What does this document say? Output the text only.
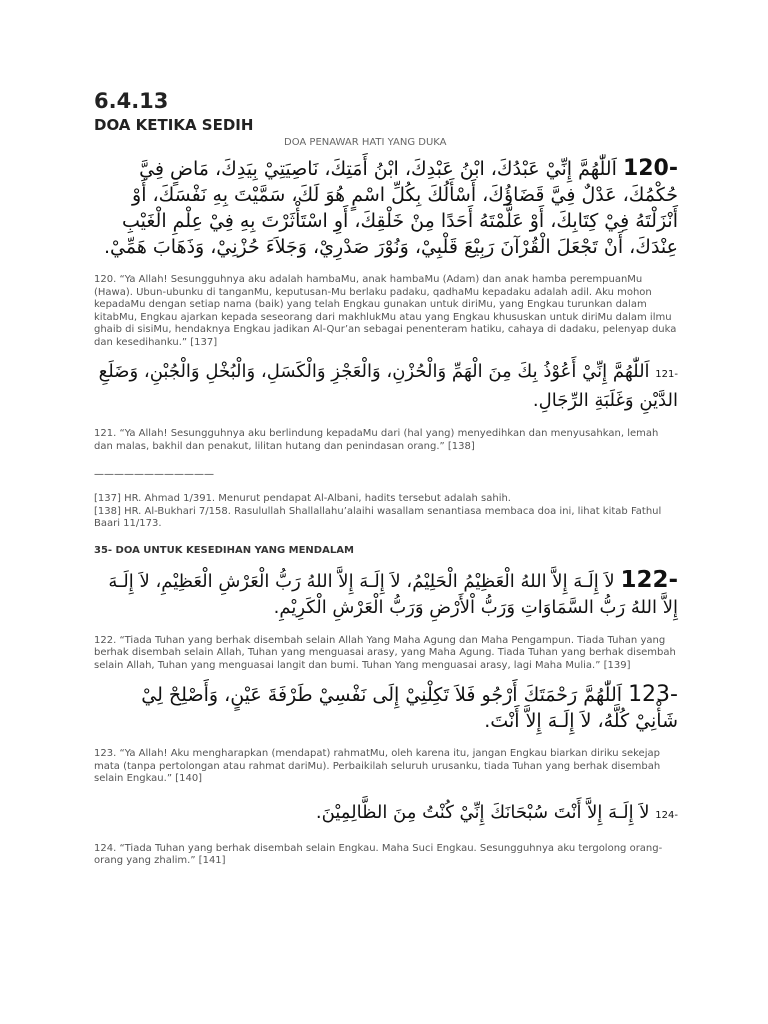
6.4.13
DOA KETIKA SEDIH
DOA PENAWAR HATI YANG DUKA
120- اَللّٰهُمَّ إِنِّيْ عَبْدُكَ، ابْنُ عَبْدِكَ، ابْنُ أَمَتِكَ، نَاصِيَتِيْ بِيَدِكَ، مَاضٍ فِيَّ حُكْمُكَ، عَدْلٌ فِيَّ قَضَاؤُكَ، أَسْأَلُكَ بِكُلِّ اسْمٍ هُوَ لَكَ، سَمَّيْتَ بِهِ نَفْسَكَ، أَوْ أَنْزَلْتَهُ فِيْ كِتَابِكَ، أَوْ عَلَّمْتَهُ أَحَدًا مِنْ خَلْقِكَ، أَوِ اسْتَأْثَرْتَ بِهِ فِيْ عِلْمِ الْغَيْبِ عِنْدَكَ، أَنْ تَجْعَلَ الْقُرْآنَ رَبِيْعَ قَلْبِيْ، وَنُوْرَ صَدْرِيْ، وَجَلاَءَ حُزْنِيْ، وَذَهَابَ هَمِّيْ.

120. “Ya Allah! Sesungguhnya aku adalah hambaMu, anak hambaMu (Adam) dan anak hamba perempuanMu (Hawa). Ubun-ubunku di tanganMu, keputusan-Mu berlaku padaku, qadhaMu kepadaku adalah adil. Aku mohon kepadaMu dengan setiap nama (baik) yang telah Engkau gunakan untuk diriMu, yang Engkau turunkan dalam kitabMu, Engkau ajarkan kepada seseorang dari makhlukMu atau yang Engkau khususkan untuk diriMu dalam ilmu ghaib di sisiMu, hendaknya Engkau jadikan Al-Qur’an sebagai penenteram hatiku, cahaya di dadaku, pelenyap duka dan kesedihanku.” [137]

121- اَللّٰهُمَّ إِنِّيْ أَعُوْذُ بِكَ مِنَ الْهَمِّ وَالْحُزْنِ، وَالْعَجْزِ وَالْكَسَلِ، وَالْبُخْلِ وَالْجُبْنِ، وَضَلَعِ الدَّيْنِ وَغَلَبَةِ الرِّجَالِ.

121. “Ya Allah! Sesungguhnya aku berlindung kepadaMu dari (hal yang) menyedihkan dan menyusahkan, lemah dan malas, bakhil dan penakut, lilitan hutang dan penindasan orang.” [138]

————————————
[137] HR. Ahmad 1/391. Menurut pendapat Al-Albani, hadits tersebut adalah sahih.
[138] HR. Al-Bukhari 7/158. Rasulullah Shallallahu’alaihi wasallam senantiasa membaca doa ini, lihat kitab Fathul Baari 11/173.
35- DOA UNTUK KESEDIHAN YANG MENDALAM
122- لاَ إِلَـهَ إِلاَّ اللهُ الْعَظِيْمُ الْحَلِيْمُ، لاَ إِلَـهَ إِلاَّ اللهُ رَبُّ الْعَرْشِ الْعَظِيْمِ، لاَ إِلَـهَ إِلاَّ اللهُ رَبُّ السَّمَاوَاتِ وَرَبُّ اْلأَرْضِ وَرَبُّ الْعَرْشِ الْكَرِيْمِ.

122. “Tiada Tuhan yang berhak disembah selain Allah Yang Maha Agung dan Maha Pengampun. Tiada Tuhan yang berhak disembah selain Allah, Tuhan yang menguasai arasy, yang Maha Agung. Tiada Tuhan yang berhak disembah selain Allah, Tuhan yang menguasai langit dan bumi. Tuhan Yang menguasai arasy, lagi Maha Mulia.” [139]

123- اَللّٰهُمَّ رَحْمَتَكَ أَرْجُو فَلاَ تَكِلْنِيْ إِلَى نَفْسِيْ طَرْفَةَ عَيْنٍ، وَأَصْلِحْ لِيْ شَأْنِيْ كُلَّهُ، لاَ إِلَـهَ إِلاَّ أَنْتَ.

123. “Ya Allah! Aku mengharapkan (mendapat) rahmatMu, oleh karena itu, jangan Engkau biarkan diriku sekejap mata (tanpa pertolongan atau rahmat dariMu). Perbaikilah seluruh urusanku, tiada Tuhan yang berhak disembah selain Engkau.” [140]

124- لاَ إِلَـهَ إِلاَّ أَنْتَ سُبْحَانَكَ إِنِّيْ كُنْتُ مِنَ الظَّالِمِيْنَ.

124. “Tiada Tuhan yang berhak disembah selain Engkau. Maha Suci Engkau. Sesungguhnya aku tergolong orang-orang yang zhalim.” [141]
